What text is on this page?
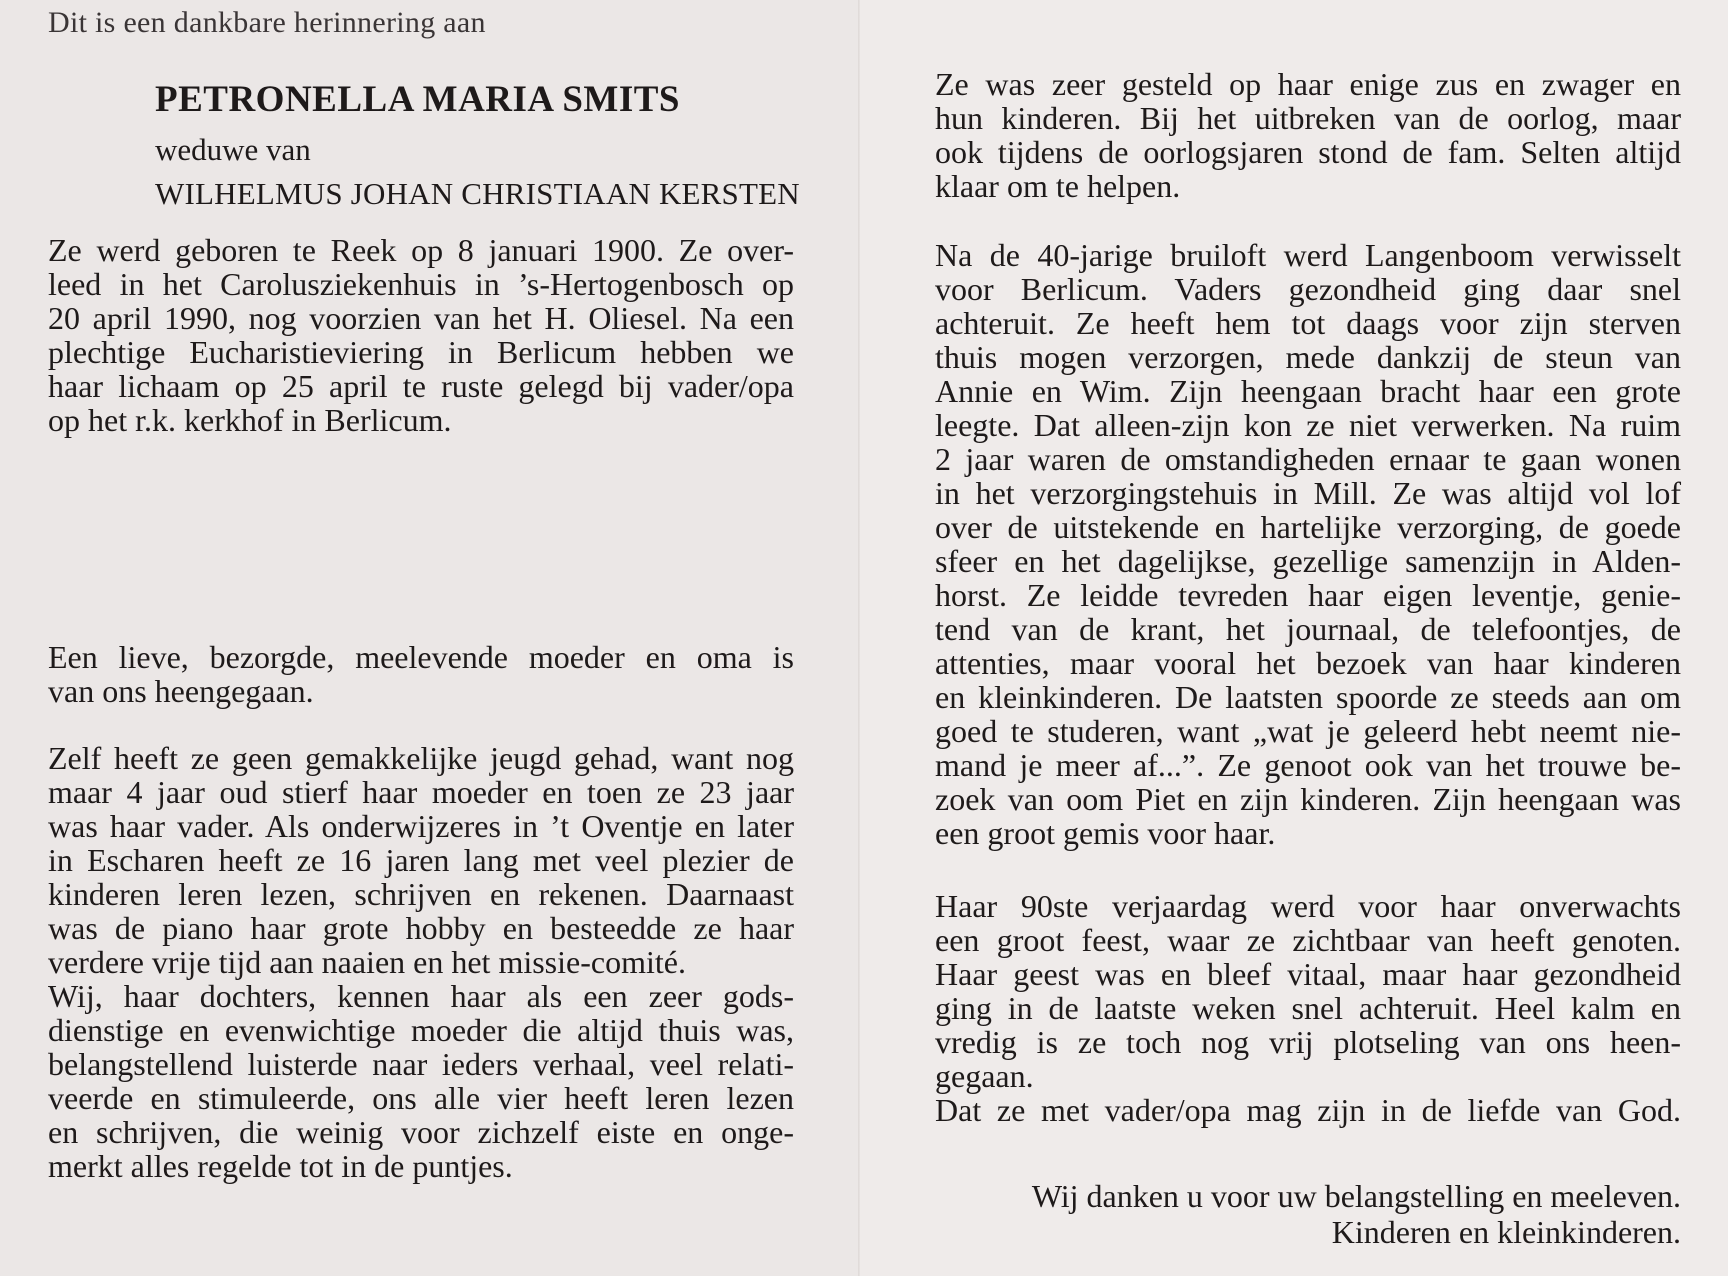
Dit is een dankbare herinnering aan
PETRONELLA MARIA SMITS
weduwe van
WILHELMUS JOHAN CHRISTIAAN KERSTEN
Ze werd geboren te Reek op 8 januari 1900. Ze over-
leed in het Carolusziekenhuis in ’s-Hertogenbosch op
20 april 1990, nog voorzien van het H. Oliesel. Na een
plechtige Eucharistieviering in Berlicum hebben we
haar lichaam op 25 april te ruste gelegd bij vader/opa
op het r.k. kerkhof in Berlicum.
Een lieve, bezorgde, meelevende moeder en oma is
van ons heengegaan.
Zelf heeft ze geen gemakkelijke jeugd gehad, want nog
maar 4 jaar oud stierf haar moeder en toen ze 23 jaar
was haar vader. Als onderwijzeres in ’t Oventje en later
in Escharen heeft ze 16 jaren lang met veel plezier de
kinderen leren lezen, schrijven en rekenen. Daarnaast
was de piano haar grote hobby en besteedde ze haar
verdere vrije tijd aan naaien en het missie-comité.
Wij, haar dochters, kennen haar als een zeer gods-
dienstige en evenwichtige moeder die altijd thuis was,
belangstellend luisterde naar ieders verhaal, veel relati-
veerde en stimuleerde, ons alle vier heeft leren lezen
en schrijven, die weinig voor zichzelf eiste en onge-
merkt alles regelde tot in de puntjes.
Ze was zeer gesteld op haar enige zus en zwager en
hun kinderen. Bij het uitbreken van de oorlog, maar
ook tijdens de oorlogsjaren stond de fam. Selten altijd
klaar om te helpen.
Na de 40-jarige bruiloft werd Langenboom verwisselt
voor Berlicum. Vaders gezondheid ging daar snel
achteruit. Ze heeft hem tot daags voor zijn sterven
thuis mogen verzorgen, mede dankzij de steun van
Annie en Wim. Zijn heengaan bracht haar een grote
leegte. Dat alleen-zijn kon ze niet verwerken. Na ruim
2 jaar waren de omstandigheden ernaar te gaan wonen
in het verzorgingstehuis in Mill. Ze was altijd vol lof
over de uitstekende en hartelijke verzorging, de goede
sfeer en het dagelijkse, gezellige samenzijn in Alden-
horst. Ze leidde tevreden haar eigen leventje, genie-
tend van de krant, het journaal, de telefoontjes, de
attenties, maar vooral het bezoek van haar kinderen
en kleinkinderen. De laatsten spoorde ze steeds aan om
goed te studeren, want „wat je geleerd hebt neemt nie-
mand je meer af...”. Ze genoot ook van het trouwe be-
zoek van oom Piet en zijn kinderen. Zijn heengaan was
een groot gemis voor haar.
Haar 90ste verjaardag werd voor haar onverwachts
een groot feest, waar ze zichtbaar van heeft genoten.
Haar geest was en bleef vitaal, maar haar gezondheid
ging in de laatste weken snel achteruit. Heel kalm en
vredig is ze toch nog vrij plotseling van ons heen-
gegaan.
Dat ze met vader/opa mag zijn in de liefde van God.
Wij danken u voor uw belangstelling en meeleven.
Kinderen en kleinkinderen.
